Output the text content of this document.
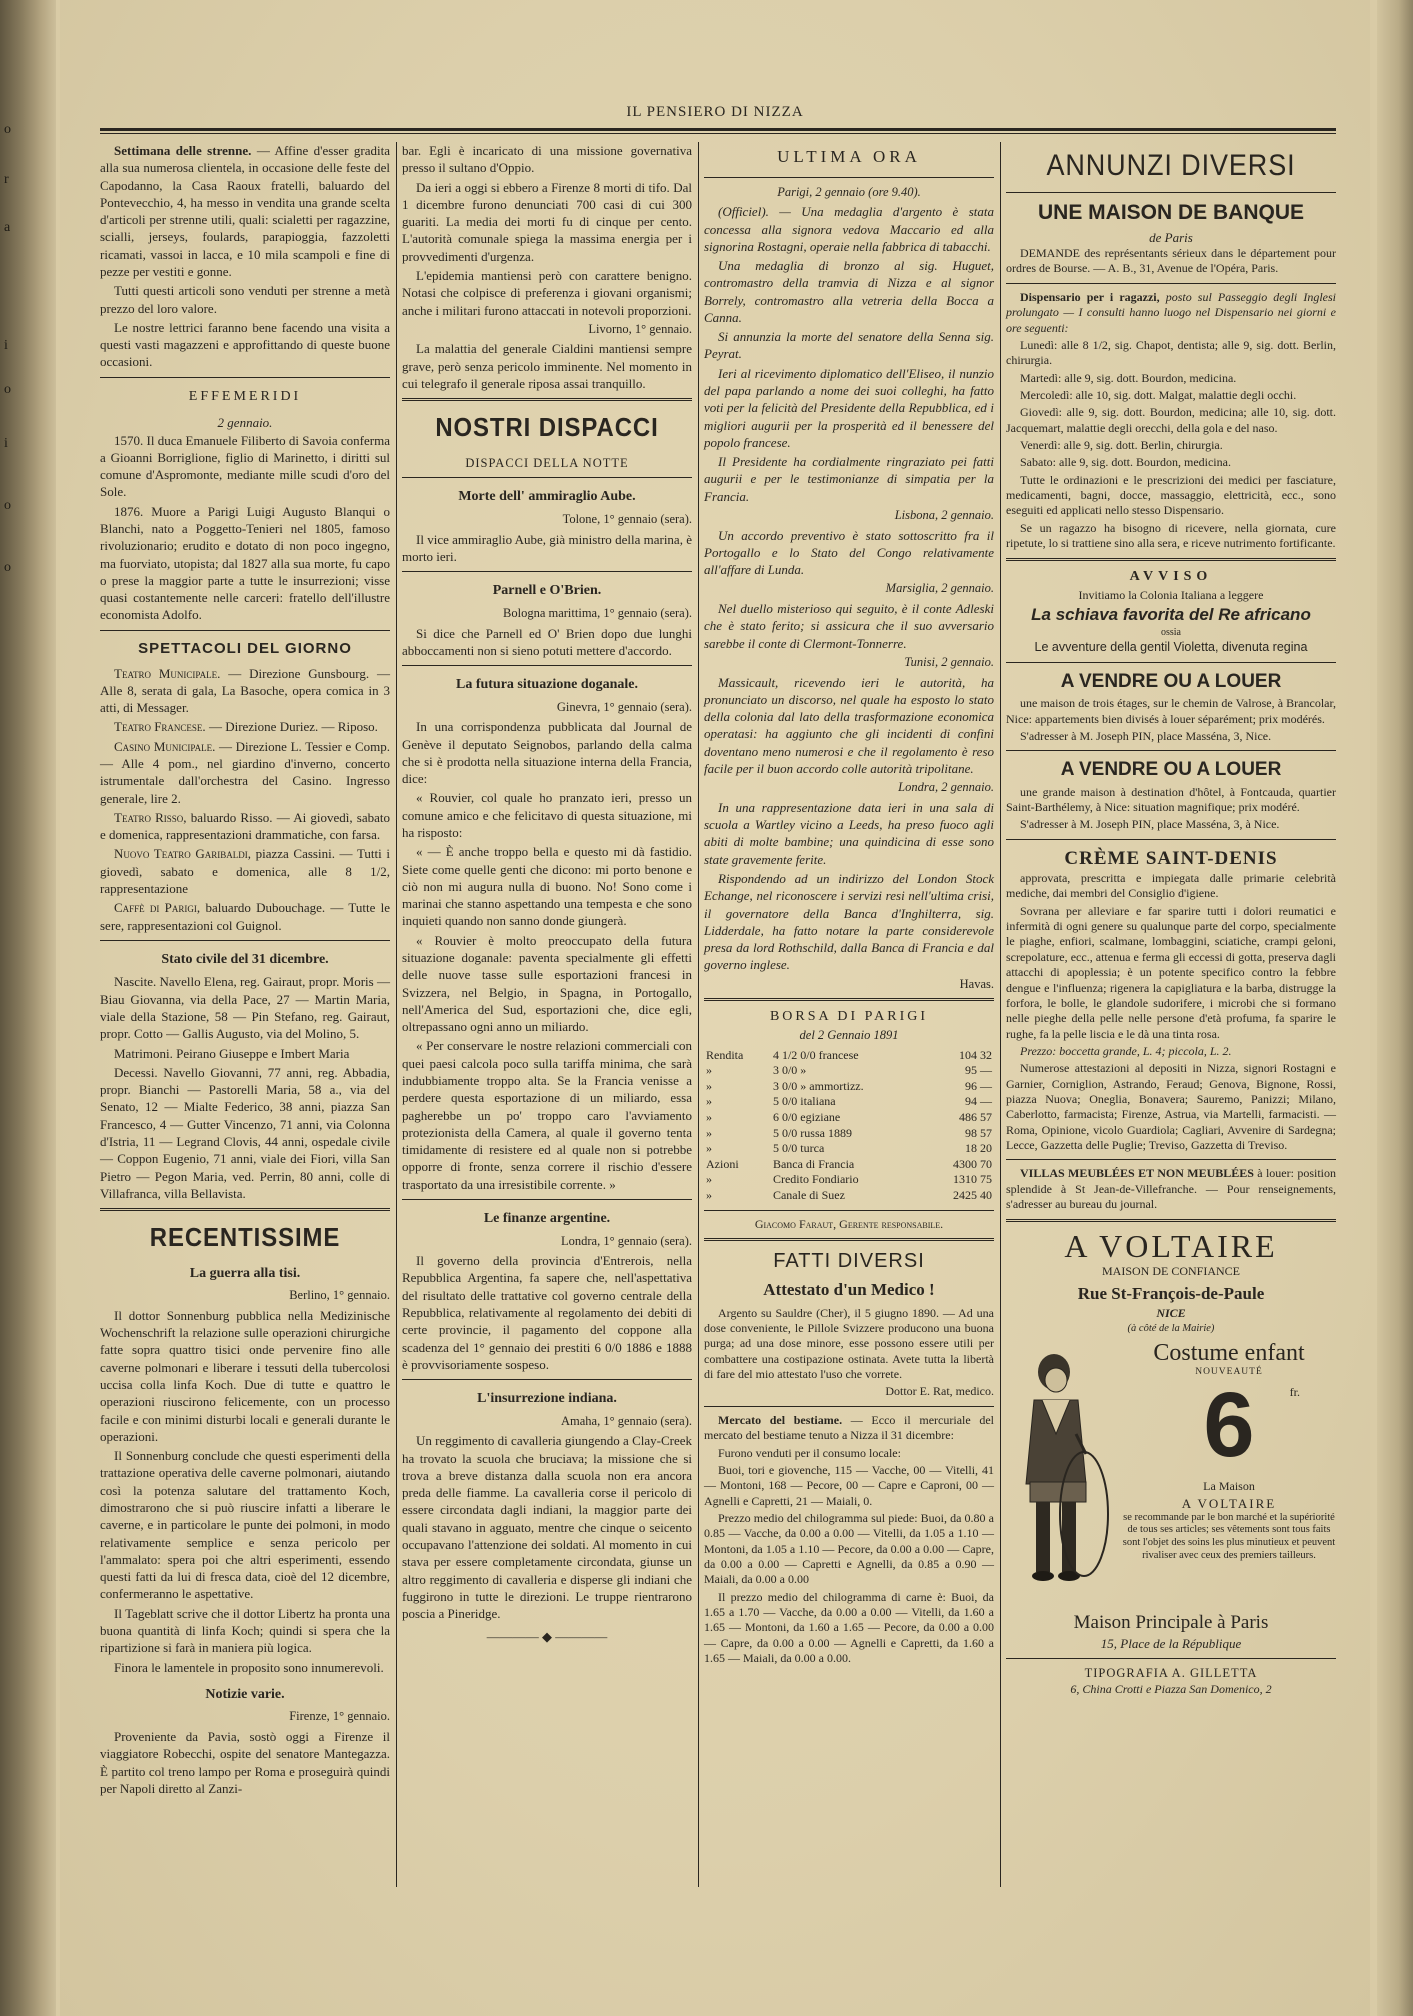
o
r
a
i
o
i
o
o
IL PENSIERO DI NIZZA

Settimana delle strenne. — Affine d'esser gradita alla sua numerosa clientela, in occasione delle feste del Capodanno, la Casa Raoux fratelli, baluardo del Pontevecchio, 4, ha messo in vendita una grande scelta d'articoli per strenne utili, quali: scialetti per ragazzine, scialli, jerseys, foulards, parapioggia, fazzoletti ricamati, vassoi in lacca, e 10 mila scampoli e fine di pezze per vestiti e gonne.

Tutti questi articoli sono venduti per strenne a metà prezzo del loro valore.

Le nostre lettrici faranno bene facendo una visita a questi vasti magazzeni e approfittando di queste buone occasioni.

EFFEMERIDI
2 gennaio.

1570. Il duca Emanuele Filiberto di Savoia conferma a Gioanni Borriglione, figlio di Marinetto, i diritti sul comune d'Aspromonte, mediante mille scudi d'oro del Sole.

1876. Muore a Parigi Luigi Augusto Blanqui o Blanchi, nato a Poggetto-Tenieri nel 1805, famoso rivoluzionario; erudito e dotato di non poco ingegno, ma fuorviato, utopista; dal 1827 alla sua morte, fu capo o prese la maggior parte a tutte le insurrezioni; visse quasi costantemente nelle carceri: fratello dell'illustre economista Adolfo.

SPETTACOLI DEL GIORNO

Teatro Municipale. — Direzione Gunsbourg. — Alle 8, serata di gala, La Basoche, opera comica in 3 atti, di Messager.

Teatro Francese. — Direzione Duriez. — Riposo.

Casino Municipale. — Direzione L. Tessier e Comp. — Alle 4 pom., nel giardino d'inverno, concerto istrumentale dall'orchestra del Casino. Ingresso generale, lire 2.

Teatro Risso, baluardo Risso. — Ai giovedì, sabato e domenica, rappresentazioni drammatiche, con farsa.

Nuovo Teatro Garibaldi, piazza Cassini. — Tutti i giovedì, sabato e domenica, alle 8 1/2, rappresentazione

Caffè di Parigi, baluardo Dubouchage. — Tutte le sere, rappresentazioni col Guignol.

Stato civile del 31 dicembre.

Nascite. Navello Elena, reg. Gairaut, propr. Moris — Biau Giovanna, via della Pace, 27 — Martin Maria, viale della Stazione, 58 — Pin Stefano, reg. Gairaut, propr. Cotto — Gallis Augusto, via del Molino, 5.

Matrimoni. Peirano Giuseppe e Imbert Maria

Decessi. Navello Giovanni, 77 anni, reg. Abbadia, propr. Bianchi — Pastorelli Maria, 58 a., via del Senato, 12 — Mialte Federico, 38 anni, piazza San Francesco, 4 — Gutter Vincenzo, 71 anni, via Colonna d'Istria, 11 — Legrand Clovis, 44 anni, ospedale civile — Coppon Eugenio, 71 anni, viale dei Fiori, villa San Pietro — Pegon Maria, ved. Perrin, 80 anni, colle di Villafranca, villa Bellavista.

RECENTISSIME
La guerra alla tisi.
Berlino, 1° gennaio.

Il dottor Sonnenburg pubblica nella Medizinische Wochenschrift la relazione sulle operazioni chirurgiche fatte sopra quattro tisici onde pervenire fino alle caverne polmonari e liberare i tessuti della tubercolosi uccisa colla linfa Koch. Due di tutte e quattro le operazioni riuscirono felicemente, con un processo facile e con minimi disturbi locali e generali durante le operazioni.

Il Sonnenburg conclude che questi esperimenti della trattazione operativa delle caverne polmonari, aiutando così la potenza salutare del trattamento Koch, dimostrarono che si può riuscire infatti a liberare le caverne, e in particolare le punte dei polmoni, in modo relativamente semplice e senza pericolo per l'ammalato: spera poi che altri esperimenti, essendo questi fatti da lui di fresca data, cioè del 12 dicembre, confermeranno le aspettative.

Il Tageblatt scrive che il dottor Libertz ha pronta una buona quantità di linfa Koch; quindi si spera che la ripartizione si farà in maniera più logica.

Finora le lamentele in proposito sono innumerevoli.

Notizie varie.
Firenze, 1° gennaio.

Proveniente da Pavia, sostò oggi a Firenze il viaggiatore Robecchi, ospite del senatore Mantegazza. È partito col treno lampo per Roma e proseguirà quindi per Napoli diretto al Zanzi-

bar. Egli è incaricato di una missione governativa presso il sultano d'Oppio.

Da ieri a oggi si ebbero a Firenze 8 morti di tifo. Dal 1 dicembre furono denunciati 700 casi di cui 300 guariti. La media dei morti fu di cinque per cento. L'autorità comunale spiega la massima energia per i provvedimenti d'urgenza.

L'epidemia mantiensi però con carattere benigno. Notasi che colpisce di preferenza i giovani organismi; anche i militari furono attaccati in notevoli proporzioni.

Livorno, 1° gennaio.

La malattia del generale Cialdini mantiensi sempre grave, però senza pericolo imminente. Nel momento in cui telegrafo il generale riposa assai tranquillo.

NOSTRI DISPACCI
DISPACCI DELLA NOTTE
Morte dell' ammiraglio Aube.
Tolone, 1° gennaio (sera).

Il vice ammiraglio Aube, già ministro della marina, è morto ieri.

Parnell e O'Brien.
Bologna marittima, 1° gennaio (sera).

Si dice che Parnell ed O' Brien dopo due lunghi abboccamenti non si sieno potuti mettere d'accordo.

La futura situazione doganale.
Ginevra, 1° gennaio (sera).

In una corrispondenza pubblicata dal Journal de Genève il deputato Seignobos, parlando della calma che si è prodotta nella situazione interna della Francia, dice:

« Rouvier, col quale ho pranzato ieri, presso un comune amico e che felicitavo di questa situazione, mi ha risposto:

« — È anche troppo bella e questo mi dà fastidio. Siete come quelle genti che dicono: mi porto benone e ciò non mi augura nulla di buono. No! Sono come i marinai che stanno aspettando una tempesta e che sono inquieti quando non sanno donde giungerà.

« Rouvier è molto preoccupato della futura situazione doganale: paventa specialmente gli effetti delle nuove tasse sulle esportazioni francesi in Svizzera, nel Belgio, in Spagna, in Portogallo, nell'America del Sud, esportazioni che, dice egli, oltrepassano ogni anno un miliardo.

« Per conservare le nostre relazioni commerciali con quei paesi calcola poco sulla tariffa minima, che sarà indubbiamente troppo alta. Se la Francia venisse a perdere questa esportazione di un miliardo, essa pagherebbe un po' troppo caro l'avviamento protezionista della Camera, al quale il governo tenta timidamente di resistere ed al quale non si potrebbe opporre di fronte, senza correre il rischio d'essere trasportato da una irresistibile corrente. »

Le finanze argentine.
Londra, 1° gennaio (sera).

Il governo della provincia d'Entrerois, nella Repubblica Argentina, fa sapere che, nell'aspettativa del risultato delle trattative col governo centrale della Repubblica, relativamente al regolamento dei debiti di certe provincie, il pagamento del coppone alla scadenza del 1° gennaio dei prestiti 6 0/0 1886 e 1888 è provvisoriamente sospeso.

L'insurrezione indiana.
Amaha, 1° gennaio (sera).

Un reggimento di cavalleria giungendo a Clay-Creek ha trovato la scuola che bruciava; la missione che si trova a breve distanza dalla scuola non era ancora preda delle fiamme. La cavalleria corse il pericolo di essere circondata dagli indiani, la maggior parte dei quali stavano in agguato, mentre che cinque o seicento occupavano l'attenzione dei soldati. Al momento in cui stava per essere completamente circondata, giunse un altro reggimento di cavalleria e disperse gli indiani che fuggirono in tutte le direzioni. Le truppe rientrarono poscia a Pineridge.

———— ◆ ————
ULTIMA ORA
Parigi, 2 gennaio (ore 9.40).

(Officiel). — Una medaglia d'argento è stata concessa alla signora vedova Maccario ed alla signorina Rostagni, operaie nella fabbrica di tabacchi.

Una medaglia di bronzo al sig. Huguet, contromastro della tramvia di Nizza e al signor Borrely, contromastro alla vetreria della Bocca a Canna.

Si annunzia la morte del senatore della Senna sig. Peyrat.

Ieri al ricevimento diplomatico dell'Eliseo, il nunzio del papa parlando a nome dei suoi colleghi, ha fatto voti per la felicità del Presidente della Repubblica, ed i migliori augurii per la prosperità ed il benessere del popolo francese.

Il Presidente ha cordialmente ringraziato pei fatti augurii e per le testimonianze di simpatia per la Francia.

Lisbona, 2 gennaio.

Un accordo preventivo è stato sottoscritto fra il Portogallo e lo Stato del Congo relativamente all'affare di Lunda.

Marsiglia, 2 gennaio.

Nel duello misterioso qui seguito, è il conte Adleski che è stato ferito; si assicura che il suo avversario sarebbe il conte di Clermont-Tonnerre.

Tunisi, 2 gennaio.

Massicault, ricevendo ieri le autorità, ha pronunciato un discorso, nel quale ha esposto lo stato della colonia dal lato della trasformazione economica operatasi: ha aggiunto che gli incidenti di confini doventano meno numerosi e che il regolamento è reso facile per il buon accordo colle autorità tripolitane.

Londra, 2 gennaio.

In una rappresentazione data ieri in una sala di scuola a Wartley vicino a Leeds, ha preso fuoco agli abiti di molte bambine; una quindicina di esse sono state gravemente ferite.

Rispondendo ad un indirizzo del London Stock Echange, nel riconoscere i servizi resi nell'ultima crisi, il governatore della Banca d'Inghilterra, sig. Lidderdale, ha fatto notare la parte considerevole presa da lord Rothschild, dalla Banca di Francia e dal governo inglese.

Havas.
BORSA DI PARIGI
del 2 Gennaio 1891
Rendita	4 1/2 0/0 francese	104 32
»	3 0/0 »	95 —
»	3 0/0 » ammortizz.	96 —
»	5 0/0 italiana	94 —
»	6 0/0 egiziane	486 57
»	5 0/0 russa 1889	98 57
»	5 0/0 turca	18 20
Azioni	Banca di Francia	4300 70
»	Credito Fondiario	1310 75
»	Canale di Suez	2425 40
Giacomo Faraut, Gerente responsabile.
FATTI DIVERSI
Attestato d'un Medico !

Argento su Sauldre (Cher), il 5 giugno 1890. — Ad una dose conveniente, le Pillole Svizzere producono una buona purga; ad una dose minore, esse possono essere utili per combattere una costipazione ostinata. Avete tutta la libertà di fare del mio attestato l'uso che vorrete.

Dottor E. Rat, medico.

Mercato del bestiame. — Ecco il mercuriale del mercato del bestiame tenuto a Nizza il 31 dicembre:

Furono venduti per il consumo locale:

Buoi, tori e giovenche, 115 — Vacche, 00 — Vitelli, 41 — Montoni, 168 — Pecore, 00 — Capre e Caproni, 00 — Agnelli e Capretti, 21 — Maiali, 0.

Prezzo medio del chilogramma sul piede: Buoi, da 0.80 a 0.85 — Vacche, da 0.00 a 0.00 — Vitelli, da 1.05 a 1.10 — Montoni, da 1.05 a 1.10 — Pecore, da 0.00 a 0.00 — Capre, da 0.00 a 0.00 — Capretti e Agnelli, da 0.85 a 0.90 — Maiali, da 0.00 a 0.00

Il prezzo medio del chilogramma di carne è: Buoi, da 1.65 a 1.70 — Vacche, da 0.00 a 0.00 — Vitelli, da 1.60 a 1.65 — Montoni, da 1.60 a 1.65 — Pecore, da 0.00 a 0.00 — Capre, da 0.00 a 0.00 — Agnelli e Capretti, da 1.60 a 1.65 — Maiali, da 0.00 a 0.00.

ANNUNZI DIVERSI
UNE MAISON DE BANQUE
de Paris

DEMANDE des représentants sérieux dans le département pour ordres de Bourse. — A. B., 31, Avenue de l'Opéra, Paris.

Dispensario per i ragazzi, posto sul Passeggio degli Inglesi prolungato — I consulti hanno luogo nel Dispensario nei giorni e ore seguenti:

Lunedì: alle 8 1/2, sig. Chapot, dentista; alle 9, sig. dott. Berlin, chirurgia.

Martedì: alle 9, sig. dott. Bourdon, medicina.

Mercoledì: alle 10, sig. dott. Malgat, malattie degli occhi.

Giovedì: alle 9, sig. dott. Bourdon, medicina; alle 10, sig. dott. Jacquemart, malattie degli orecchi, della gola e del naso.

Venerdì: alle 9, sig. dott. Berlin, chirurgia.

Sabato: alle 9, sig. dott. Bourdon, medicina.

Tutte le ordinazioni e le prescrizioni dei medici per fasciature, medicamenti, bagni, docce, massaggio, elettricità, ecc., sono eseguiti ed applicati nello stesso Dispensario.

Se un ragazzo ha bisogno di ricevere, nella giornata, cure ripetute, lo si trattiene sino alla sera, e riceve nutrimento fortificante.

AVVISO
Invitiamo la Colonia Italiana a leggere
La schiava favorita del Re africano
ossia
Le avventure della gentil Violetta, divenuta regina
A VENDRE OU A LOUER

une maison de trois étages, sur le chemin de Valrose, à Brancolar, Nice: appartements bien divisés à louer séparément; prix modérés.

S'adresser à M. Joseph PIN, place Masséna, 3, Nice.

A VENDRE OU A LOUER

une grande maison à destination d'hôtel, à Fontcauda, quartier Saint-Barthélemy, à Nice: situation magnifique; prix modéré.

S'adresser à M. Joseph PIN, place Masséna, 3, à Nice.

CRÈME SAINT-DENIS

approvata, prescritta e impiegata dalle primarie celebrità mediche, dai membri del Consiglio d'igiene.

Sovrana per alleviare e far sparire tutti i dolori reumatici e infermità di ogni genere su qualunque parte del corpo, specialmente le piaghe, enfiori, scalmane, lombaggini, sciatiche, crampi geloni, screpolature, ecc., attenua e ferma gli eccessi di gotta, preserva dagli attacchi di apoplessia; è un potente specifico contro la febbre dengue e l'influenza; rigenera la capigliatura e la barba, distrugge la forfora, le bolle, le glandole sudorifere, i microbi che si formano nelle pieghe della pelle nelle persone d'età profuma, fa sparire le rughe, fa la pelle liscia e le dà una tinta rosa.

Prezzo: boccetta grande, L. 4; piccola, L. 2.

Numerose attestazioni al depositi in Nizza, signori Rostagni e Garnier, Corniglion, Astrando, Feraud; Genova, Bignone, Rossi, piazza Nuova; Oneglia, Bonavera; Sauremo, Panizzi; Milano, Caberlotto, farmacista; Firenze, Astrua, via Martelli, farmacisti. — Roma, Opinione, vicolo Guardiola; Cagliari, Avvenire di Sardegna; Lecce, Gazzetta delle Puglie; Treviso, Gazzetta di Treviso.

VILLAS MEUBLÉES ET NON MEUBLÉES à louer: position splendide à St Jean-de-Villefranche. — Pour renseignements, s'adresser au bureau du journal.

A VOLTAIRE
MAISON DE CONFIANCE
Rue St-François-de-Paule
NICE
(à côté de la Mairie)
Costume enfant
NOUVEAUTÉ
6	fr.
La Maison
A VOLTAIRE
se recommande par le bon marché et la supériorité de tous ses articles; ses vêtements sont tous faits sont l'objet des soins les plus minutieux et peuvent rivaliser avec ceux des premiers tailleurs.
Maison Principale à Paris
15, Place de la République
TIPOGRAFIA A. GILLETTA
6, China Crotti e Piazza San Domenico, 2
